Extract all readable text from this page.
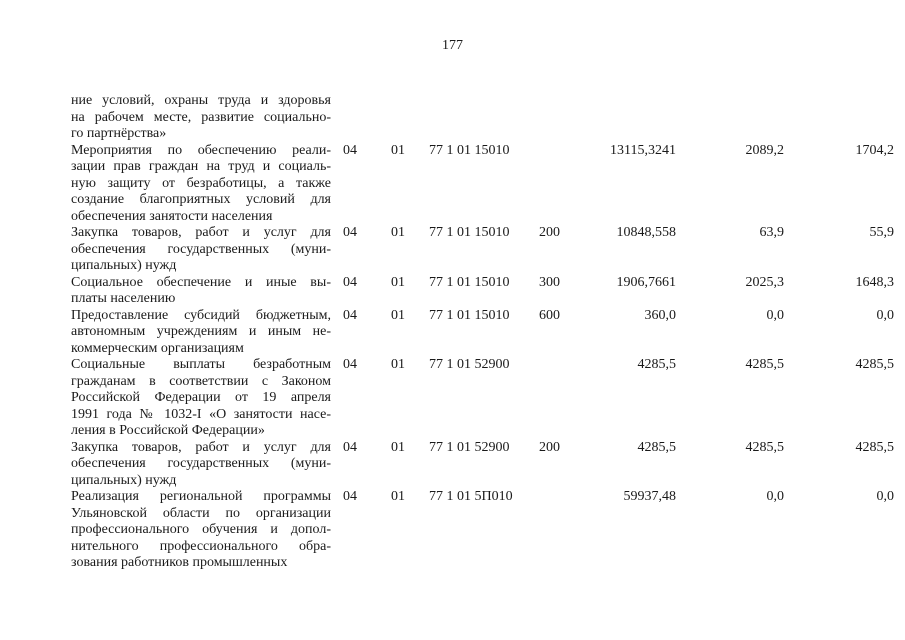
177
ние условий, охраны труда и здоровья
на рабочем месте, развитие социально-
го партнёрства»							

Мероприятия по обеспечению реали-
зации прав граждан на труд и социаль-
ную защиту от безработицы, а также
создание благоприятных условий для
обеспечения занятости населения	04	01	77 1 01 15010		13115,3241	2089,2	1704,2

Закупка товаров, работ и услуг для
обеспечения государственных (муни-
ципальных) нужд	04	01	77 1 01 15010	200	10848,558	63,9	55,9

Социальное обеспечение и иные вы-
платы населению	04	01	77 1 01 15010	300	1906,7661	2025,3	1648,3

Предоставление субсидий бюджетным,
автономным учреждениям и иным не-
коммерческим организациям	04	01	77 1 01 15010	600	360,0	0,0	0,0

Социальные выплаты безработным
гражданам в соответствии с Законом
Российской Федерации от 19 апреля
1991 года № 1032-I «О занятости насе-
ления в Российской Федерации»	04	01	77 1 01 52900		4285,5	4285,5	4285,5

Закупка товаров, работ и услуг для
обеспечения государственных (муни-
ципальных) нужд	04	01	77 1 01 52900	200	4285,5	4285,5	4285,5

Реализация региональной программы
Ульяновской области по организации
профессионального обучения и допол-
нительного профессионального обра-
зования работников промышленных	04	01	77 1 01 5П010		59937,48	0,0	0,0
